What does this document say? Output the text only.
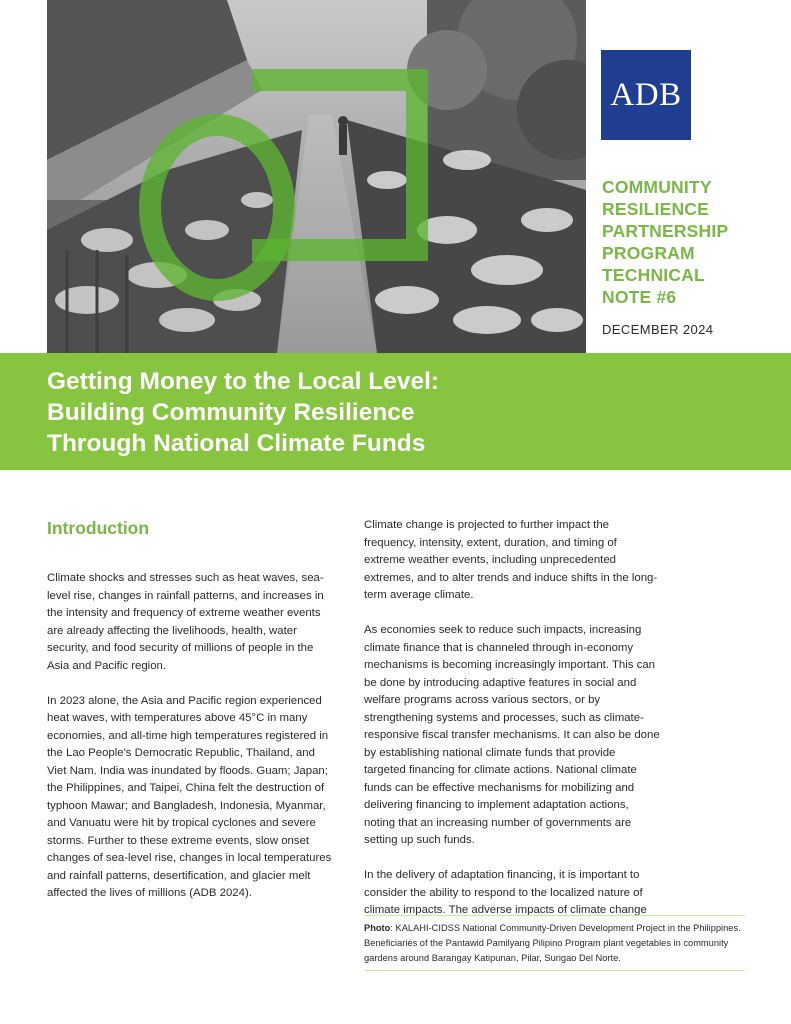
ADB
COMMUNITY
RESILIENCE
PARTNERSHIP
PROGRAM
TECHNICAL
NOTE #6
DECEMBER 2024
Getting Money to the Local Level:
Building Community Resilience
Through National Climate Funds
Introduction

Climate shocks and stresses such as heat waves, sea-level rise, changes in rainfall patterns, and increases in the intensity and frequency of extreme weather events are already affecting the livelihoods, health, water security, and food security of millions of people in the Asia and Pacific region.

In 2023 alone, the Asia and Pacific region experienced heat waves, with temperatures above 45°C in many economies, and all-time high temperatures registered in the Lao People's Democratic Republic, Thailand, and Viet Nam. India was inundated by floods. Guam; Japan; the Philippines, and Taipei, China felt the destruction of typhoon Mawar; and Bangladesh, Indonesia, Myanmar, and Vanuatu were hit by tropical cyclones and severe storms. Further to these extreme events, slow onset changes of sea-level rise, changes in local temperatures and rainfall patterns, desertification, and glacier melt affected the lives of millions (ADB 2024).

Climate change is projected to further impact the frequency, intensity, extent, duration, and timing of extreme weather events, including unprecedented extremes, and to alter trends and induce shifts in the long-term average climate.

As economies seek to reduce such impacts, increasing climate finance that is channeled through in-economy mechanisms is becoming increasingly important. This can be done by introducing adaptive features in social and welfare programs across various sectors, or by strengthening systems and processes, such as climate-responsive fiscal transfer mechanisms. It can also be done by establishing national climate funds that provide targeted financing for climate actions. National climate funds can be effective mechanisms for mobilizing and delivering financing to implement adaptation actions, noting that an increasing number of governments are setting up such funds.

In the delivery of adaptation financing, it is important to consider the ability to respond to the localized nature of climate impacts. The adverse impacts of climate change

Photo: KALAHI-CIDSS National Community-Driven Development Project in the Philippines. Beneficiaries of the Pantawid Pamilyang Pilipino Program plant vegetables in community gardens around Barangay Katipunan, Pilar, Surigao Del Norte.
